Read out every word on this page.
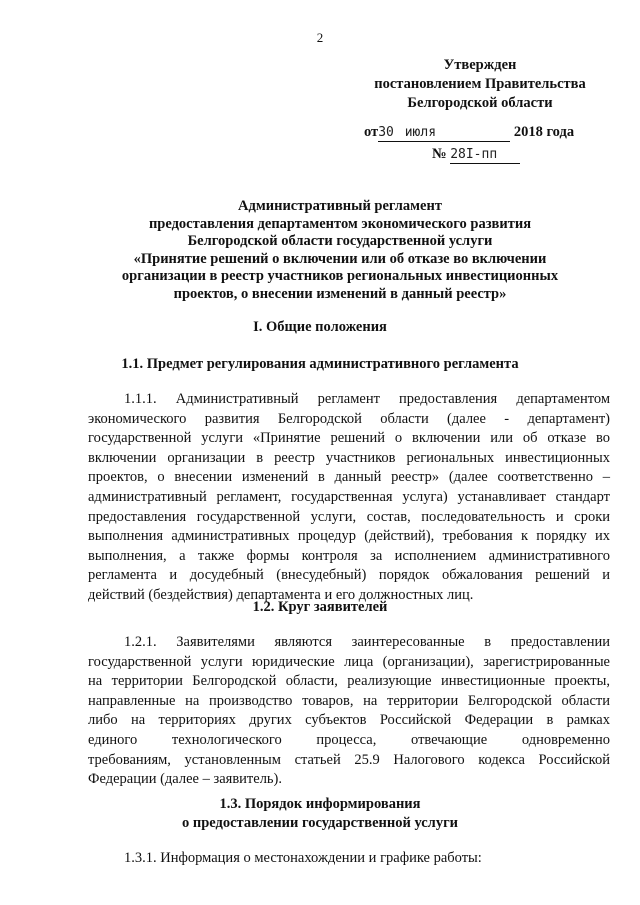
2
Утвержден
постановлением Правительства
Белгородской области
от30 июля	2018 года
№ 28I-пп
Административный регламент
предоставления департаментом экономического развития
Белгородской области государственной услуги
«Принятие решений о включении или об отказе во включении
организации в реестр участников региональных инвестиционных
проектов, о внесении изменений в данный реестр»
I. Общие положения
1.1. Предмет регулирования административного регламента
1.1.1. Административный регламент предоставления департаментом
экономического развития Белгородской области (далее - департамент)
государственной услуги «Принятие решений о включении или об отказе во
включении организации в реестр участников региональных инвестиционных
проектов, о внесении изменений в данный реестр» (далее соответственно –
административный регламент, государственная услуга) устанавливает стандарт
предоставления государственной услуги, состав, последовательность и сроки
выполнения административных процедур (действий), требования к порядку их
выполнения, а также формы контроля за исполнением административного
регламента и досудебный (внесудебный) порядок обжалования решений и
действий (бездействия) департамента и его должностных лиц.
1.2. Круг заявителей
1.2.1. Заявителями являются заинтересованные в предоставлении
государственной услуги юридические лица (организации), зарегистрированные
на территории Белгородской области, реализующие инвестиционные проекты,
направленные на производство товаров, на территории Белгородской области
либо на территориях других субъектов Российской Федерации в рамках
единого технологического процесса, отвечающие одновременно
требованиям, установленным статьей 25.9 Налогового кодекса Российской
Федерации (далее – заявитель).
1.3. Порядок информирования
о предоставлении государственной услуги
1.3.1. Информация о местонахождении и графике работы:
